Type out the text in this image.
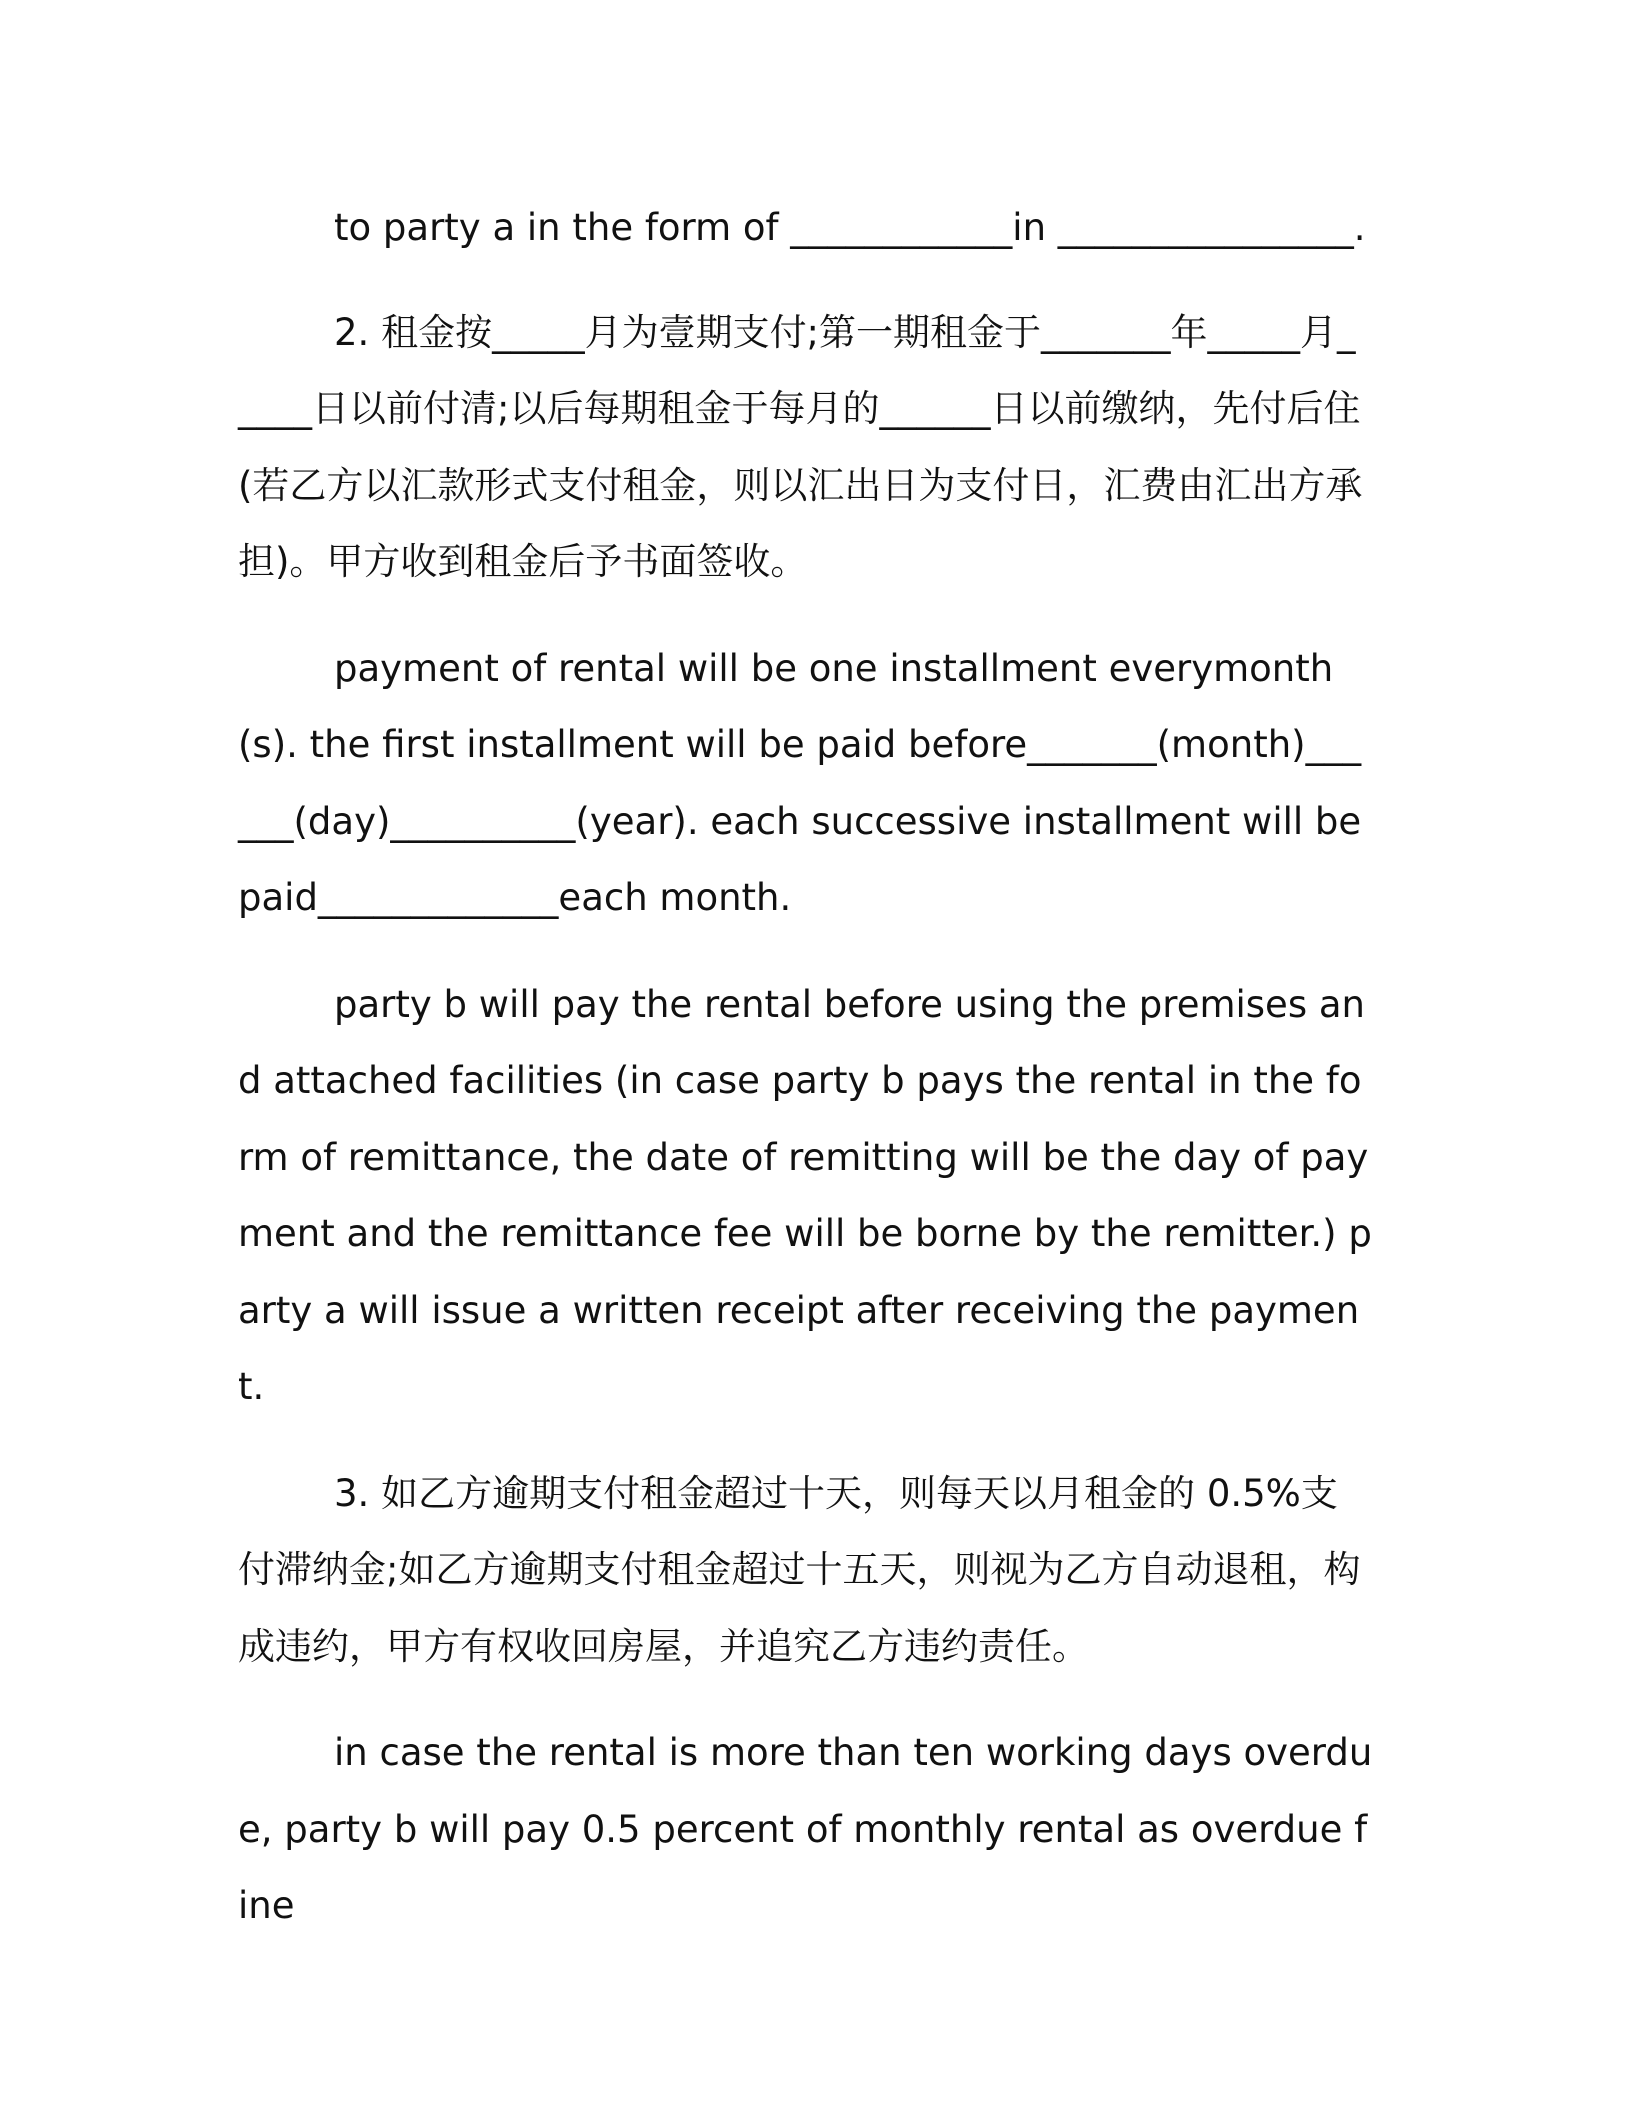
to party a in the form of ____________in ________________.

2. 租金按_____月为壹期支付;第一期租金于_______年_____月_____日以前付清;以后每期租金于每月的______日以前缴纳，先付后住(若乙方以汇款形式支付租金，则以汇出日为支付日，汇费由汇出方承担)。甲方收到租金后予书面签收。

payment of rental will be one installment everymonth(s). the first installment will be paid before_______(month)______(day)__________(year). each successive installment will be paid_____________each month.

party b will pay the rental before using the premises and attached facilities (in case party b pays the rental in the form of remittance, the date of remitting will be the day of payment and the remittance fee will be borne by the remitter.) party a will issue a written receipt after receiving the payment.

3. 如乙方逾期支付租金超过十天，则每天以月租金的 0.5%支付滞纳金;如乙方逾期支付租金超过十五天，则视为乙方自动退租，构成违约，甲方有权收回房屋，并追究乙方违约责任。

in case the rental is more than ten working days overdue, party b will pay 0.5 percent of monthly rental as overdue fine
